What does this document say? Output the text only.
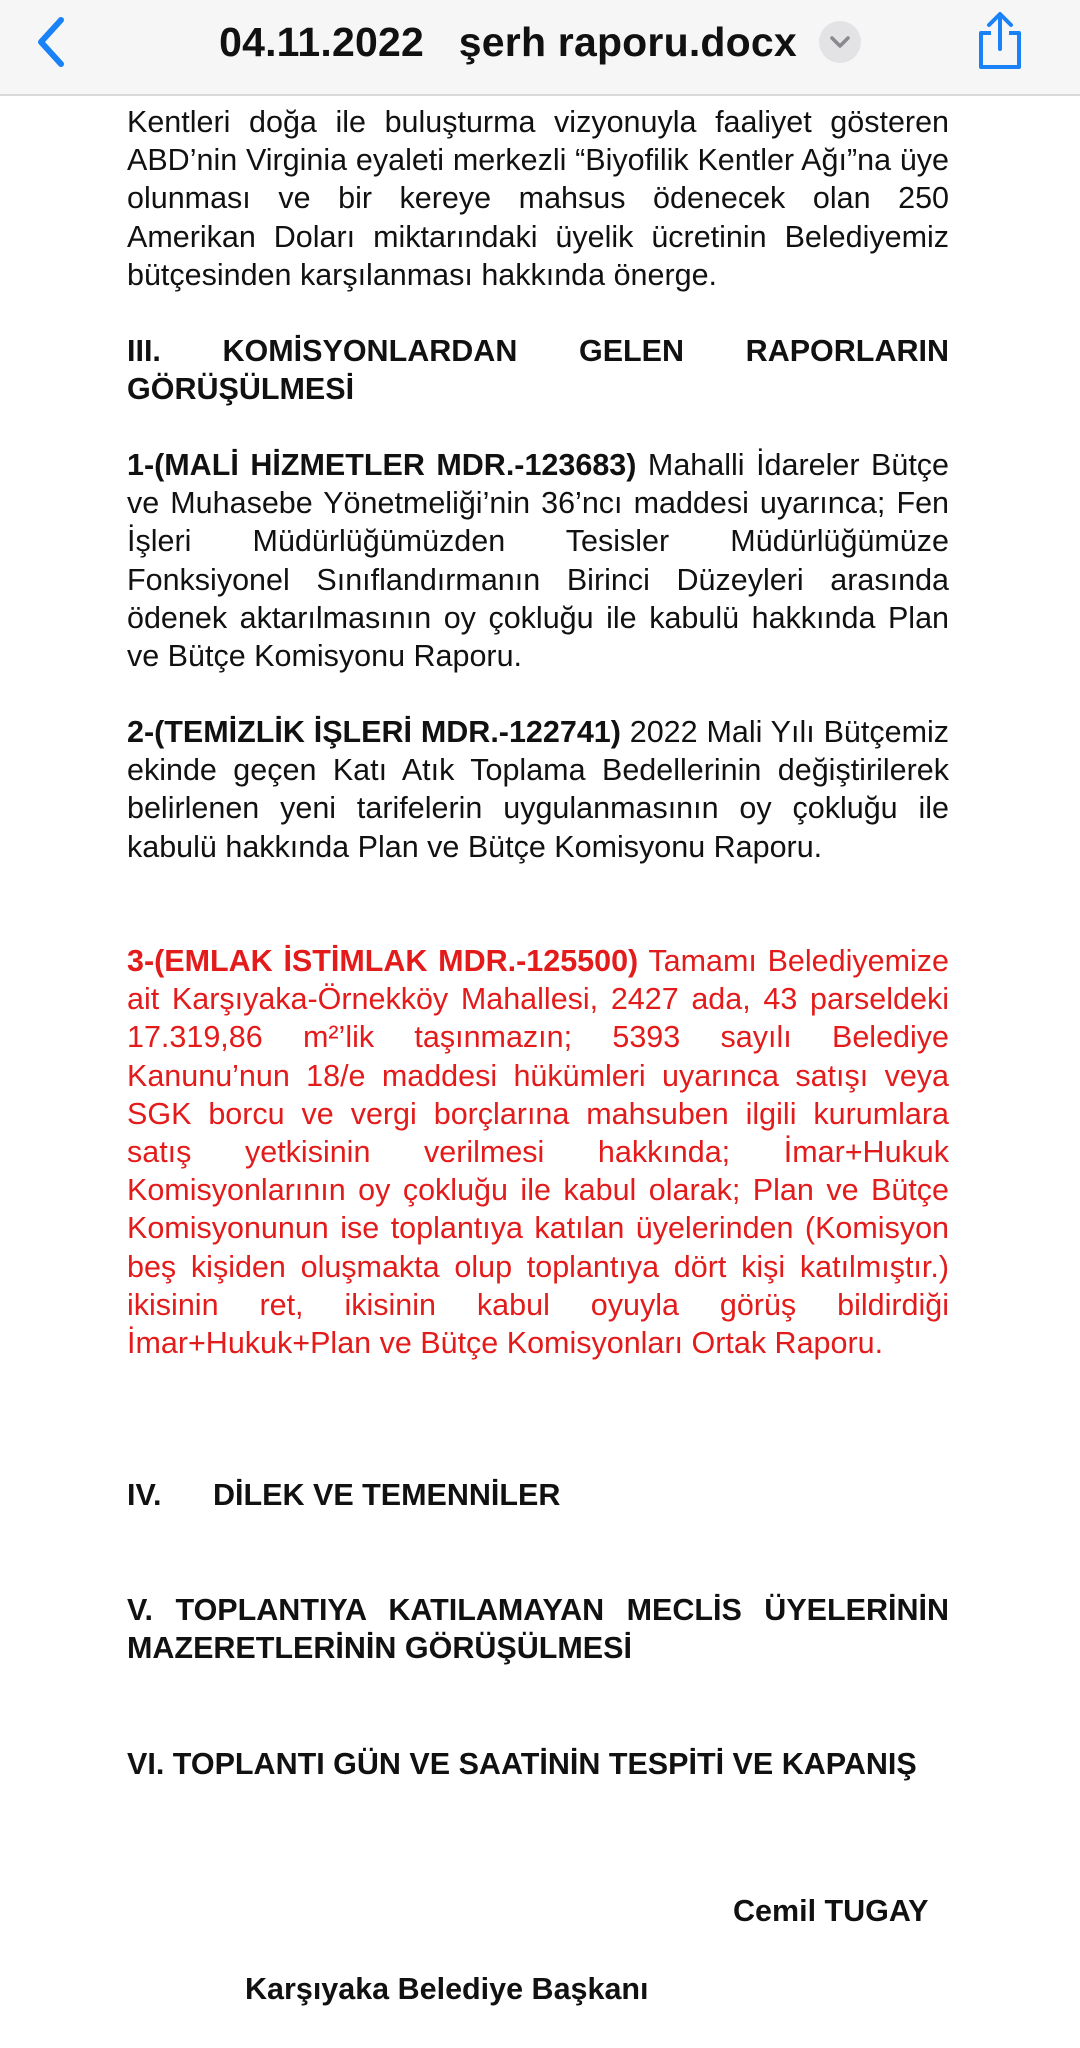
04.11.2022   şerh raporu.docx

Kentleri doğa ile buluşturma vizyonuyla faaliyet gösteren ABD’nin Virginia eyaleti merkezli “Biyofilik Kentler Ağı”na üye olunması ve bir kereye mahsus ödenecek olan 250 Amerikan Doları miktarındaki üyelik ücretinin Belediyemiz bütçesinden karşılanması hakkında önerge.

III. KOMİSYONLARDAN GELEN RAPORLARIN GÖRÜŞÜLMESİ

1-(MALİ HİZMETLER MDR.-123683) Mahalli İdareler Bütçe ve Muhasebe Yönetmeliği’nin 36’ncı maddesi uyarınca; Fen İşleri Müdürlüğümüzden Tesisler Müdürlüğümüze Fonksiyonel Sınıflandırmanın Birinci Düzeyleri arasında ödenek aktarılmasının oy çokluğu ile kabulü hakkında Plan ve Bütçe Komisyonu Raporu.

2-(TEMİZLİK İŞLERİ MDR.-122741) 2022 Mali Yılı Bütçemiz ekinde geçen Katı Atık Toplama Bedellerinin değiştirilerek belirlenen yeni tarifelerin uygulanmasının oy çokluğu ile kabulü hakkında Plan ve Bütçe Komisyonu Raporu.

3-(EMLAK İSTİMLAK MDR.-125500) Tamamı Belediyemize ait Karşıyaka-Örnekköy Mahallesi, 2427 ada, 43 parseldeki 17.319,86 m²’lik taşınmazın; 5393 sayılı Belediye Kanunu’nun 18/e maddesi hükümleri uyarınca satışı veya SGK borcu ve vergi borçlarına mahsuben ilgili kurumlara satış yetkisinin verilmesi hakkında; İmar+Hukuk Komisyonlarının oy çokluğu ile kabul olarak; Plan ve Bütçe Komisyonunun ise toplantıya katılan üyelerinden (Komisyon beş kişiden oluşmakta olup toplantıya dört kişi katılmıştır.) ikisinin ret, ikisinin kabul oyuyla görüş bildirdiği İmar+Hukuk+Plan ve Bütçe Komisyonları Ortak Raporu.

IV. DİLEK VE TEMENNİLER

V. TOPLANTIYA KATILAMAYAN MECLİS ÜYELERİNİN MAZERETLERİNİN GÖRÜŞÜLMESİ

VI. TOPLANTI GÜN VE SAATİNİN TESPİTİ VE KAPANIŞ

Cemil TUGAY
Karşıyaka Belediye Başkanı
